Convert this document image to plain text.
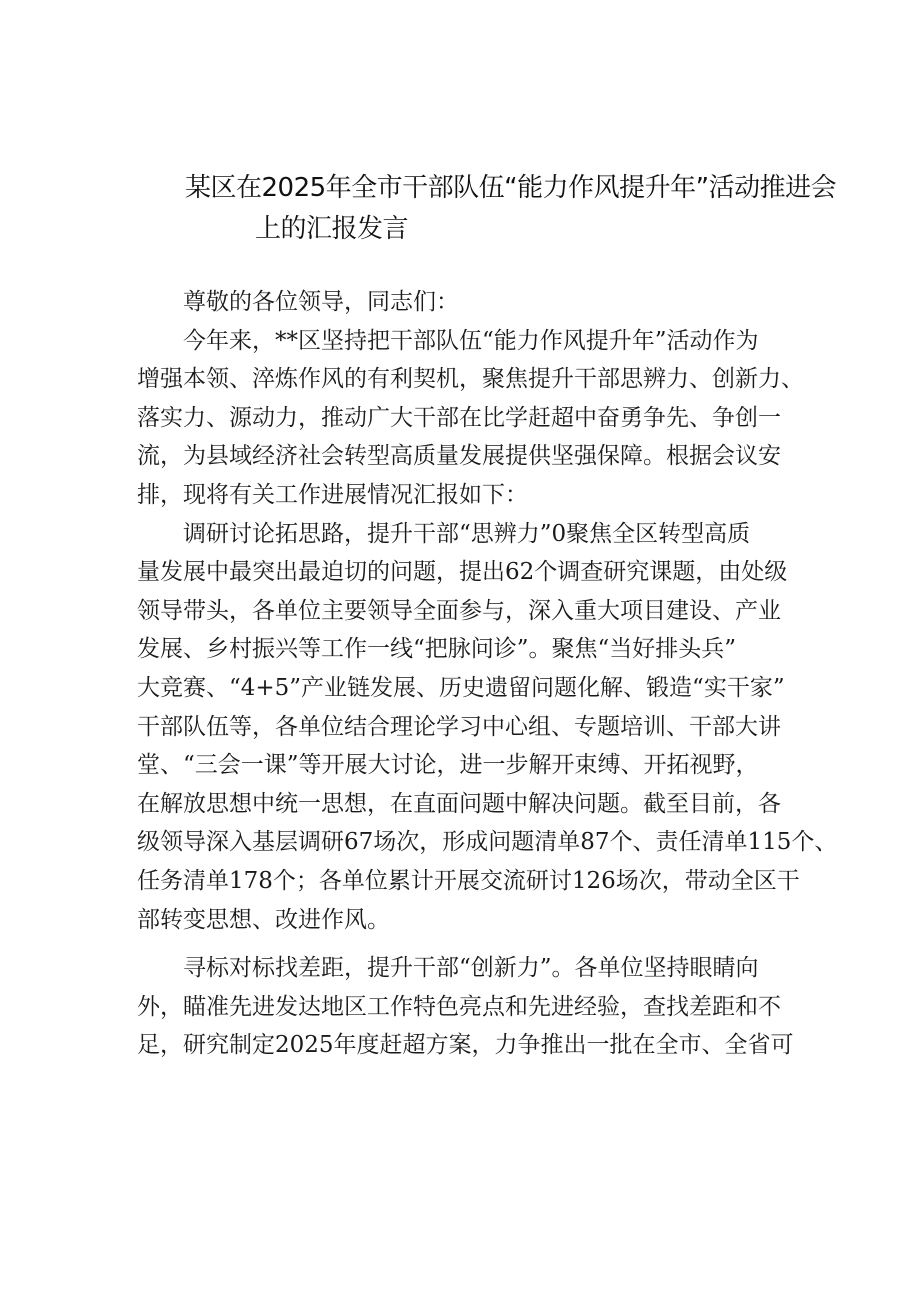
某区在2025年全市干部队伍“能力作风提升年”活动推进会
上的汇报发言
尊敬的各位领导，同志们：
今年来，**区坚持把干部队伍“能力作风提升年”活动作为
增强本领、淬炼作风的有利契机，聚焦提升干部思辨力、创新力、
落实力、源动力，推动广大干部在比学赶超中奋勇争先、争创一
流，为县域经济社会转型高质量发展提供坚强保障。根据会议安
排，现将有关工作进展情况汇报如下：
调研讨论拓思路，提升干部“思辨力”0聚焦全区转型高质
量发展中最突出最迫切的问题，提出62个调查研究课题，由处级
领导带头，各单位主要领导全面参与，深入重大项目建设、产业
发展、乡村振兴等工作一线“把脉问诊”。聚焦“当好排头兵”
大竞赛、“4+5”产业链发展、历史遗留问题化解、锻造“实干家”
干部队伍等，各单位结合理论学习中心组、专题培训、干部大讲
堂、“三会一课”等开展大讨论，进一步解开束缚、开拓视野，
在解放思想中统一思想，在直面问题中解决问题。截至目前，各
级领导深入基层调研67场次，形成问题清单87个、责任清单115个、
任务清单178个；各单位累计开展交流研讨126场次，带动全区干
部转变思想、改进作风。
寻标对标找差距，提升干部“创新力”。各单位坚持眼睛向
外，瞄准先进发达地区工作特色亮点和先进经验，查找差距和不
足，研究制定2025年度赶超方案，力争推出一批在全市、全省可
